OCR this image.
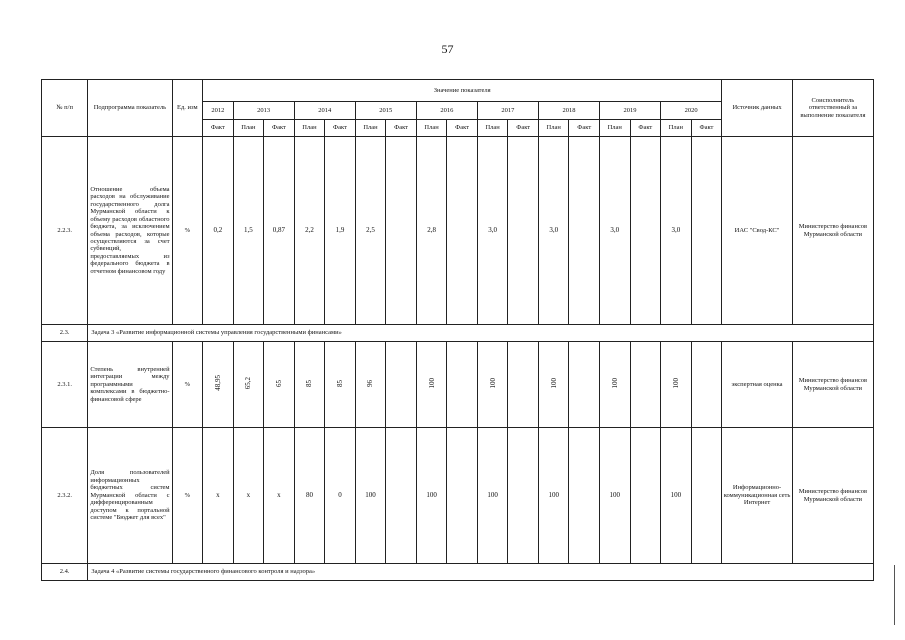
57
№ п/п	Подпрограмма показатель	Ед. изм	Значение показателя																	Источник данных	Соисполнитель ответственный за выполнение показателя
			2012	2013		2014		2015		2016		2017		2018		2019		2020			
			Факт	План	Факт	План	Факт	План	Факт	План	Факт	План	Факт	План	Факт	План	Факт	План	Факт		
2.2.3.	Отношение объема расходов на обслуживание государственного долга Мурманской области к объему расходов областного бюджета, за исключением объема расходов, которые осуществляются за счет субвенций, предоставляемых из федерального бюджета в отчетном финансовом году	%	0,2	1,5	0,87	2,2	1,9	2,5		2,8		3,0		3,0		3,0		3,0		ИАС "Свод-КС"	Министерство финансов Мурманской области
2.3.	Задача 3 «Развитие информационной системы управления государственными финансами»																				
2.3.1.	Степень внутренней интеграции между программными комплексами в бюджетно-финансовой сфере	%	48,95	65,2	65	85	85	96		100		100		100		100		100		экспертная оценка	Министерство финансов Мурманской области
2.3.2.	Доля пользователей информационных бюджетных систем Мурманской области с дифференцированным доступом к портальной системе "Бюджет для всех"	%	х	х	х	80	0	100		100		100		100		100		100		Информационно-коммуникационная сеть Интернет	Министерство финансов Мурманской области
2.4.	Задача 4 «Развитие системы государственного финансового контроля и надзора»																				
